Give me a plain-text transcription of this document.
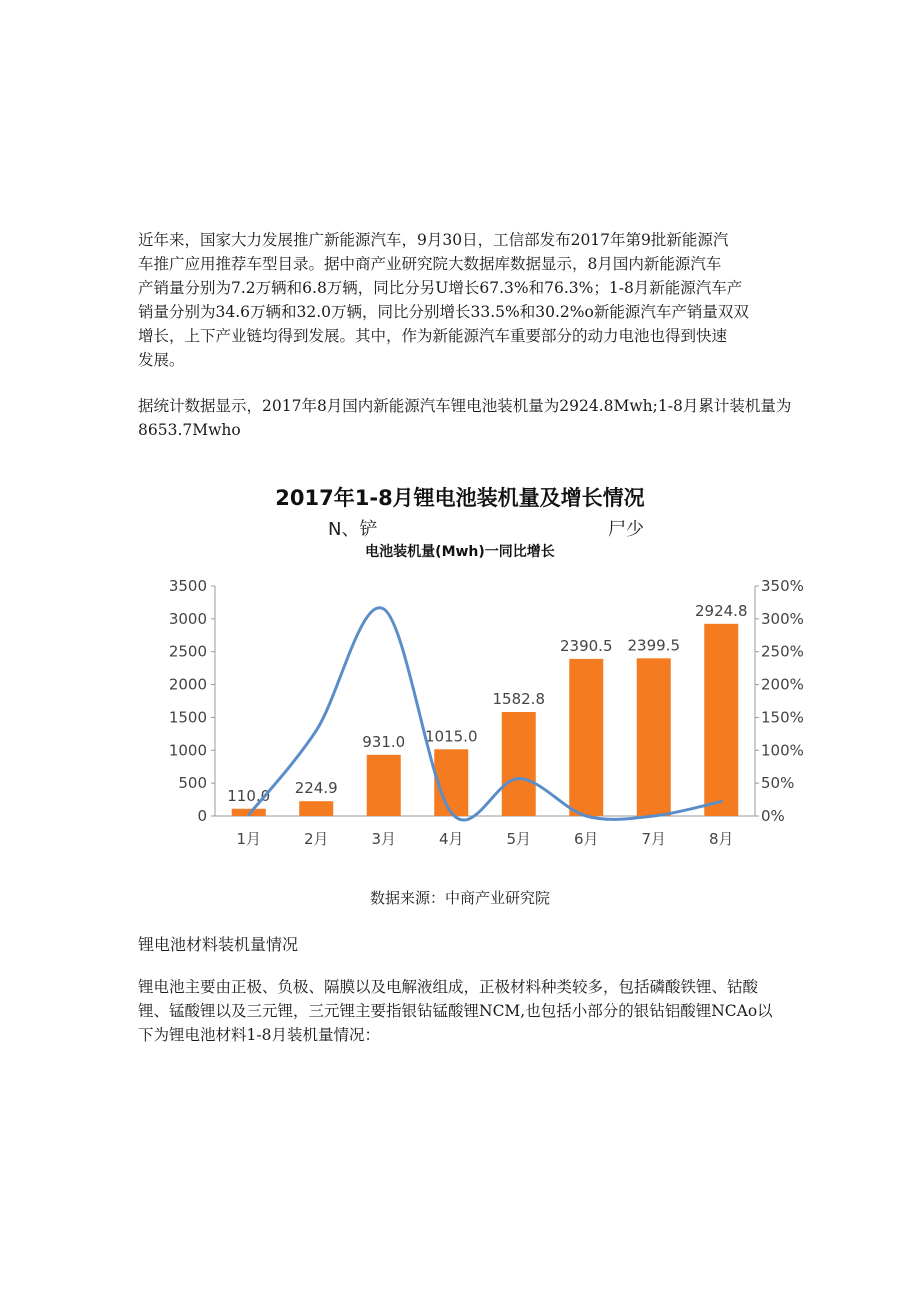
近年来，国家大力发展推广新能源汽车，9月30日，工信部发布2017年第9批新能源汽
车推广应用推荐车型目录。据中商产业研究院大数据库数据显示，8月国内新能源汽车
产销量分别为7.2万辆和6.8万辆，同比分另U增长67.3%和76.3%；1-8月新能源汽车产
销量分别为34.6万辆和32.0万辆，同比分别增长33.5%和30.2%o新能源汽车产销量双双
增长，上下产业链均得到发展。其中，作为新能源汽车重要部分的动力电池也得到快速
发展。
据统计数据显示，2017年8月国内新能源汽车锂电池装机量为2924.8Mwh;1-8月累计装机量为
8653.7Mwho
2017年1-8月锂电池装机量及增长情况
N、铲	尸少
电池装机量(Mwh)一同比增长
0
500
1000
1500
2000
2500
3000
3500
0%
50%
100%
150%
200%
250%
300%
350%
110.0 224.9
931.0 1015.0
1582.8
2390.5 2399.5
2924.8
1月	2月	3月	4月	5月	6月	7月	8月
数据来源：中商产业研究院
锂电池材料装机量情况
锂电池主要由正极、负极、隔膜以及电解液组成，正极材料种类较多，包括磷酸铁锂、钴酸
锂、锰酸锂以及三元锂，三元锂主要指银钻锰酸锂NCM,也包括小部分的银钻铝酸锂NCAo以
下为锂电池材料1-8月装机量情况：
